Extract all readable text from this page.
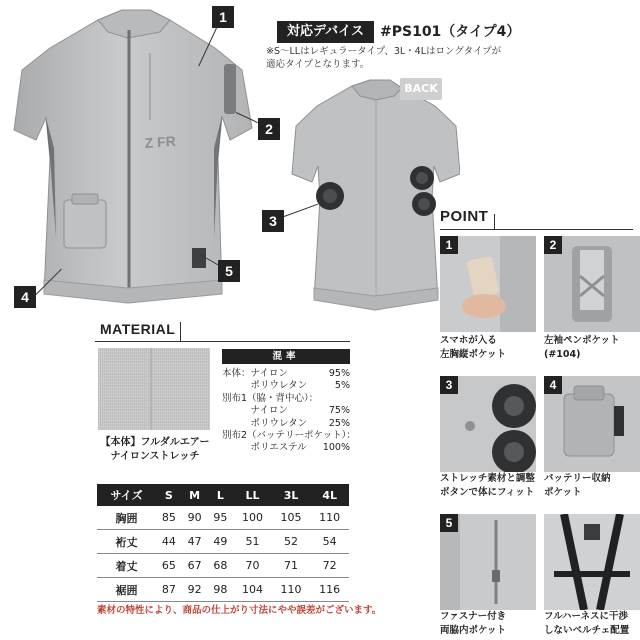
Z FR
1
2
3
4
5
対応デバイス	#PS101（タイプ4）
※S～LLはレギュラータイプ、3L・4Lはロングタイプが適応タイプとなります。
BACK
POINT
1
スマホが入る
左胸縦ポケット
2
左袖ペンポケット
(#104)
3
ストレッチ素材と調整
ボタンで体にフィット
4
バッテリー収納
ポケット
5
ファスナー付き
両脇内ポケット
フルハーネスに干渉
しないベルチェ配置
MATERIAL
【本体】フルダルエアー
ナイロンストレッチ
混率
本体：ナイロン	95%
　　　ポリウレタン	5%
別布1（脇・背中心）：
　　　ナイロン	75%
　　　ポリウレタン 25%
別布2（バッテリーポケット）：
　　　ポリエステル 100%
サイズ	S	M	L	LL	3L	4L
胸囲	85	90	95	100	105	110
裄丈	44	47	49	51	52	54
着丈	65	67	68	70	71	72
裾囲	87	92	98	104	110	116
素材の特性により、商品の仕上がり寸法にやや誤差がございます。
